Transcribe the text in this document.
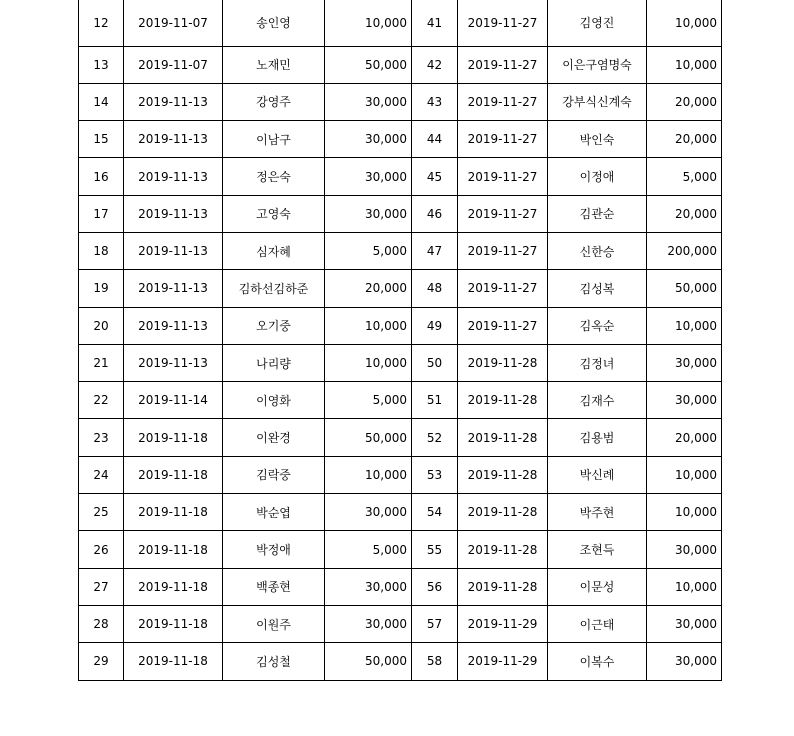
12	2019-11-07	송인영	10,000	41	2019-11-27	김영진	10,000
13	2019-11-07	노재민	50,000	42	2019-11-27	이은구염명숙	10,000
14	2019-11-13	강영주	30,000	43	2019-11-27	강부식신계숙	20,000
15	2019-11-13	이남구	30,000	44	2019-11-27	박인숙	20,000
16	2019-11-13	정은숙	30,000	45	2019-11-27	이정애	5,000
17	2019-11-13	고영숙	30,000	46	2019-11-27	김관순	20,000
18	2019-11-13	심자혜	5,000	47	2019-11-27	신한승	200,000
19	2019-11-13	김하선김하준	20,000	48	2019-11-27	김성복	50,000
20	2019-11-13	오기중	10,000	49	2019-11-27	김옥순	10,000
21	2019-11-13	나리량	10,000	50	2019-11-28	김정녀	30,000
22	2019-11-14	이영화	5,000	51	2019-11-28	김재수	30,000
23	2019-11-18	이완경	50,000	52	2019-11-28	김용범	20,000
24	2019-11-18	김락중	10,000	53	2019-11-28	박신례	10,000
25	2019-11-18	박순엽	30,000	54	2019-11-28	박주현	10,000
26	2019-11-18	박정애	5,000	55	2019-11-28	조현득	30,000
27	2019-11-18	백종현	30,000	56	2019-11-28	이문성	10,000
28	2019-11-18	이원주	30,000	57	2019-11-29	이근태	30,000
29	2019-11-18	김성철	50,000	58	2019-11-29	이복수	30,000
